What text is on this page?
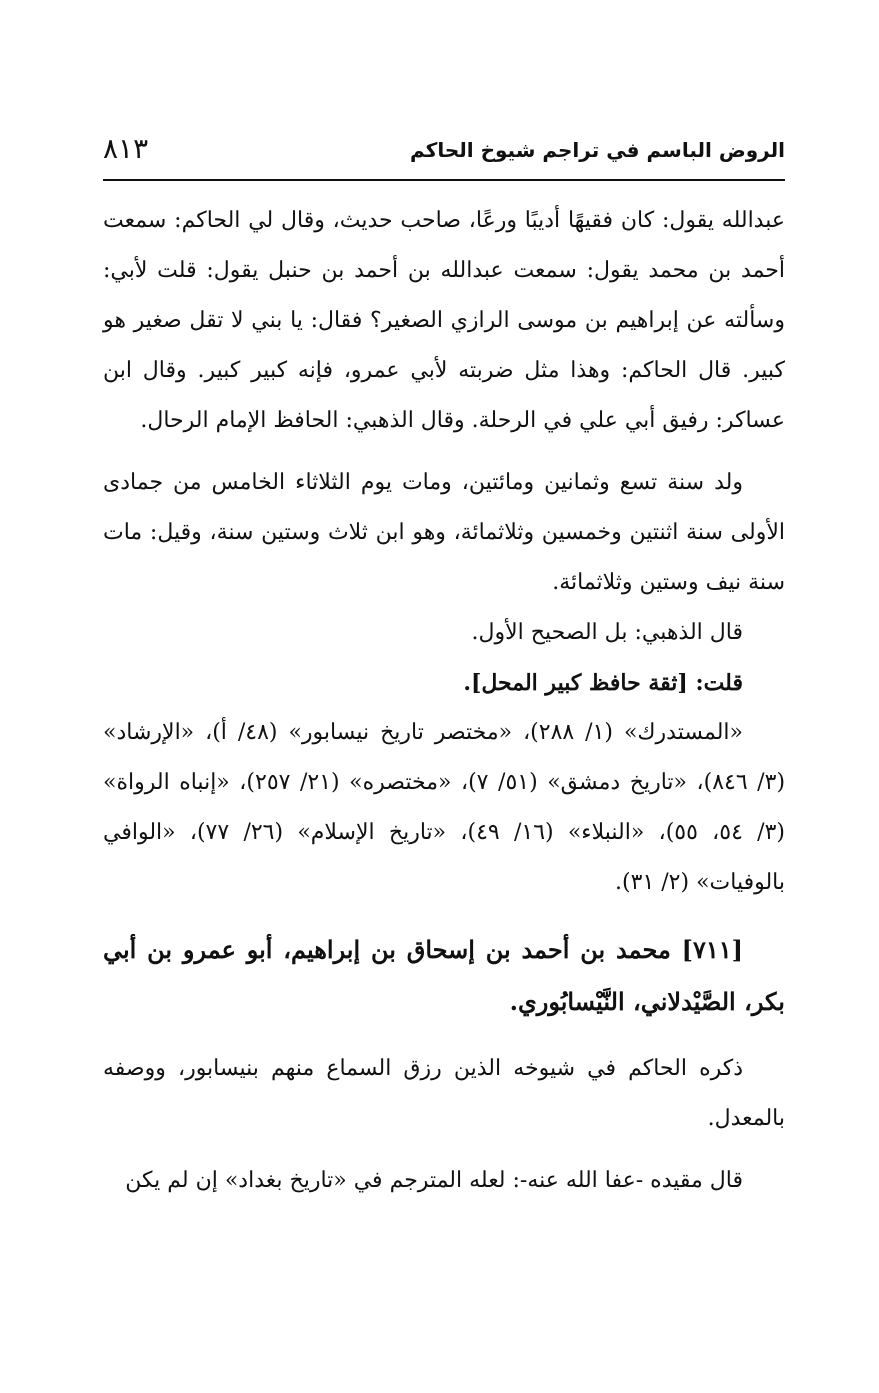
الروض الباسم في تراجم شيوخ الحاكم
٨١٣

عبدالله يقول: كان فقيهًا أديبًا ورعًا، صاحب حديث، وقال لي الحاكم: سمعت أحمد بن محمد يقول: سمعت عبدالله بن أحمد بن حنبل يقول: قلت لأبي: وسألته عن إبراهيم بن موسى الرازي الصغير؟ فقال: يا بني لا تقل صغير هو كبير. قال الحاكم: وهذا مثل ضربته لأبي عمرو، فإنه كبير كبير. وقال ابن عساكر: رفيق أبي علي في الرحلة. وقال الذهبي: الحافظ الإمام الرحال.

ولد سنة تسع وثمانين ومائتين، ومات يوم الثلاثاء الخامس من جمادى الأولى سنة اثنتين وخمسين وثلاثمائة، وهو ابن ثلاث وستين سنة، وقيل: مات سنة نيف وستين وثلاثمائة.

قال الذهبي: بل الصحيح الأول.

قلت: [ثقة حافظ كبير المحل].

«المستدرك» (١/ ٢٨٨)، «مختصر تاريخ نيسابور» (٤٨/ أ)، «الإرشاد» (٣/ ٨٤٦)، «تاريخ دمشق» (٥١/ ٧)، «مختصره» (٢١/ ٢٥٧)، «إنباه الرواة» (٣/ ٥٤، ٥٥)، «النبلاء» (١٦/ ٤٩)، «تاريخ الإسلام» (٢٦/ ٧٧)، «الوافي بالوفيات» (٢/ ٣١).

[٧١١] محمد بن أحمد بن إسحاق بن إبراهيم، أبو عمرو بن أبي بكر، الصَّيْدلاني، النَّيْسابُوري.

ذكره الحاكم في شيوخه الذين رزق السماع منهم بنيسابور، ووصفه بالمعدل.

قال مقيده -عفا الله عنه-: لعله المترجم في «تاريخ بغداد» إن لم يكن
